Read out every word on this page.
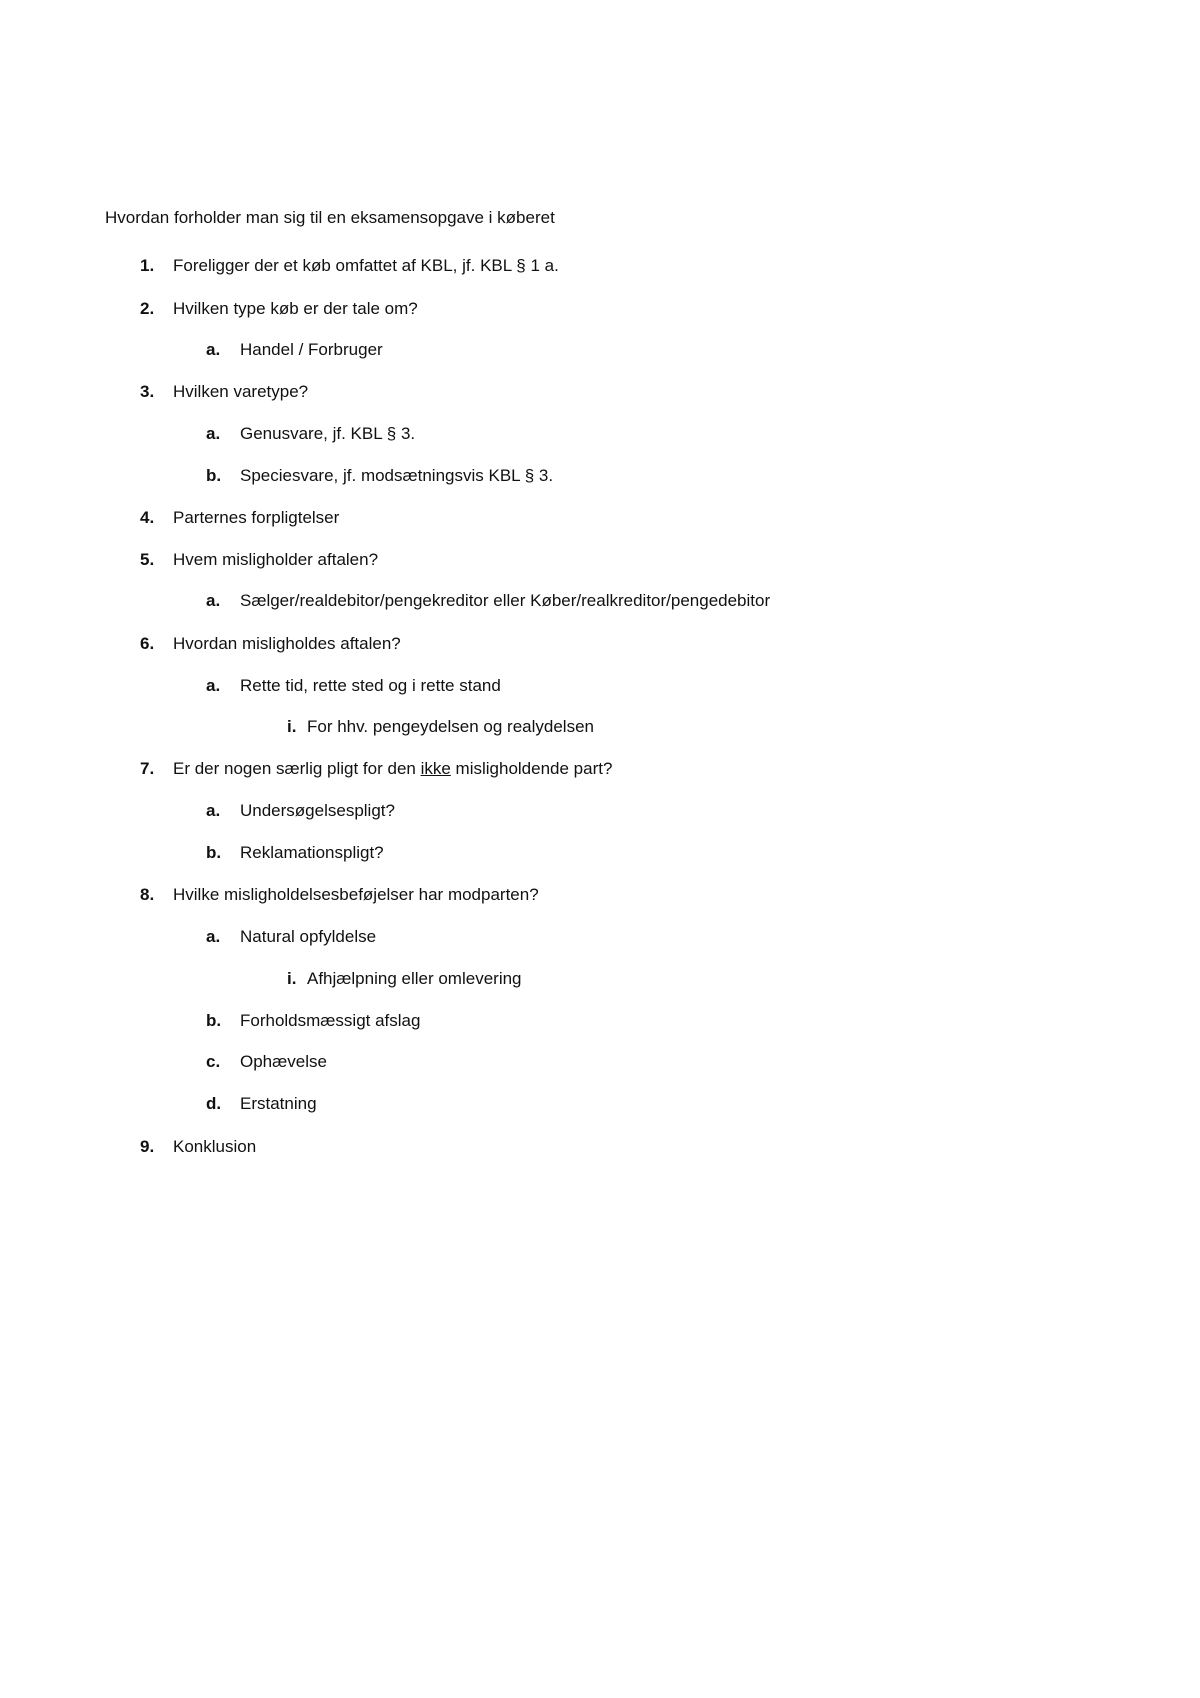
Hvordan forholder man sig til en eksamensopgave i køberet
1. Foreligger der et køb omfattet af KBL, jf. KBL § 1 a.
2. Hvilken type køb er der tale om?
a. Handel / Forbruger
3. Hvilken varetype?
a. Genusvare, jf. KBL § 3.
b. Speciesvare, jf. modsætningsvis KBL § 3.
4. Parternes forpligtelser
5. Hvem misligholder aftalen?
a. Sælger/realdebitor/pengekreditor eller Køber/realkreditor/pengedebitor
6. Hvordan misligholdes aftalen?
a. Rette tid, rette sted og i rette stand
i. For hhv. pengeydelsen og realydelsen
7. Er der nogen særlig pligt for den ikke misligholdende part?
a. Undersøgelsespligt?
b. Reklamationspligt?
8. Hvilke misligholdelsesbeføjelser har modparten?
a. Natural opfyldelse
i. Afhjælpning eller omlevering
b. Forholdsmæssigt afslag
c. Ophævelse
d. Erstatning
9. Konklusion
